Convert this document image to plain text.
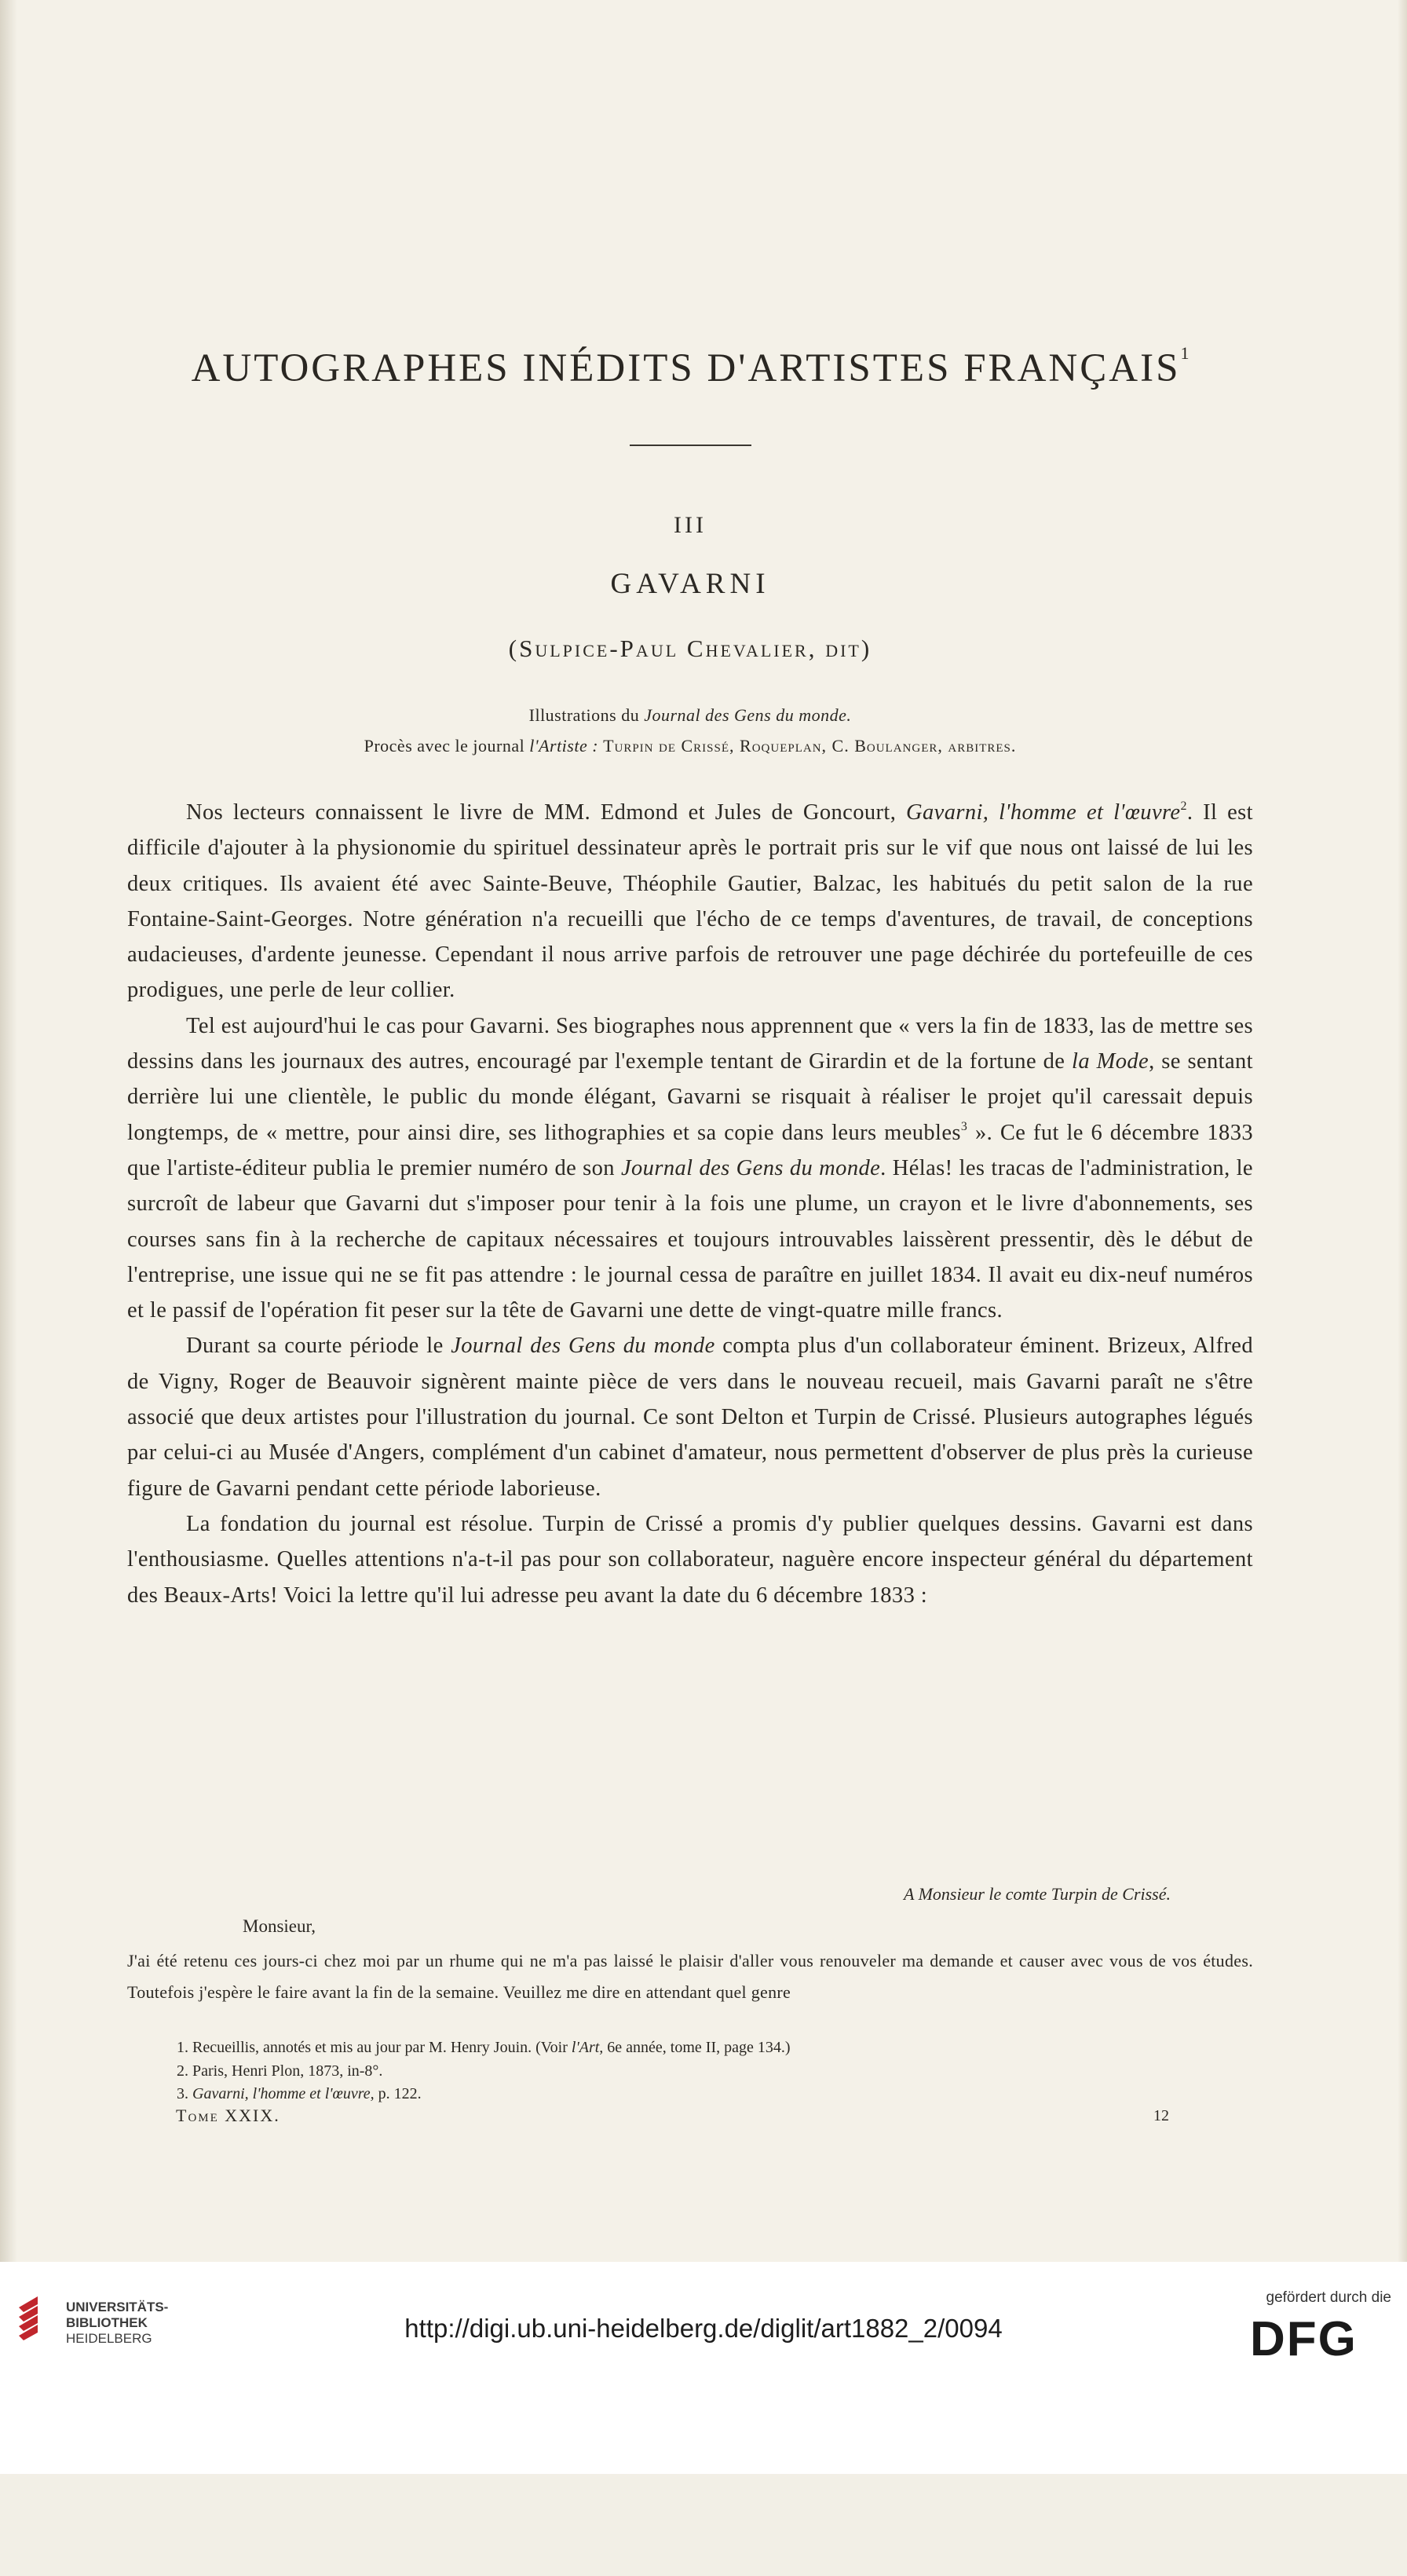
AUTOGRAPHES INÉDITS D'ARTISTES FRANÇAIS$^1$
III
GAVARNI
(Sulpice-Paul Chevalier, dit)
Illustrations du Journal des Gens du monde.
Procès avec le journal l'Artiste : Turpin de Crissé, Roqueplan, C. Boulanger, arbitres.

Nos lecteurs connaissent le livre de MM. Edmond et Jules de Goncourt, Gavarni, l'homme et l'œuvre$^2$. Il est difficile d'ajouter à la physionomie du spirituel dessinateur après le portrait pris sur le vif que nous ont laissé de lui les deux critiques. Ils avaient été avec Sainte-Beuve, Théophile Gautier, Balzac, les habitués du petit salon de la rue Fontaine-Saint-Georges. Notre génération n'a recueilli que l'écho de ce temps d'aventures, de travail, de conceptions audacieuses, d'ardente jeunesse. Cependant il nous arrive parfois de retrouver une page déchirée du portefeuille de ces prodigues, une perle de leur collier.

Tel est aujourd'hui le cas pour Gavarni. Ses biographes nous apprennent que « vers la fin de 1833, las de mettre ses dessins dans les journaux des autres, encouragé par l'exemple tentant de Girardin et de la fortune de la Mode, se sentant derrière lui une clientèle, le public du monde élégant, Gavarni se risquait à réaliser le projet qu'il caressait depuis longtemps, de « mettre, pour ainsi dire, ses lithographies et sa copie dans leurs meubles$^3$ ». Ce fut le 6 décembre 1833 que l'artiste-éditeur publia le premier numéro de son Journal des Gens du monde. Hélas! les tracas de l'administration, le surcroît de labeur que Gavarni dut s'imposer pour tenir à la fois une plume, un crayon et le livre d'abonnements, ses courses sans fin à la recherche de capitaux nécessaires et toujours introuvables laissèrent pressentir, dès le début de l'entreprise, une issue qui ne se fit pas attendre : le journal cessa de paraître en juillet 1834. Il avait eu dix-neuf numéros et le passif de l'opération fit peser sur la tête de Gavarni une dette de vingt-quatre mille francs.

Durant sa courte période le Journal des Gens du monde compta plus d'un collaborateur éminent. Brizeux, Alfred de Vigny, Roger de Beauvoir signèrent mainte pièce de vers dans le nouveau recueil, mais Gavarni paraît ne s'être associé que deux artistes pour l'illustration du journal. Ce sont Delton et Turpin de Crissé. Plusieurs autographes légués par celui-ci au Musée d'Angers, complément d'un cabinet d'amateur, nous permettent d'observer de plus près la curieuse figure de Gavarni pendant cette période laborieuse.

La fondation du journal est résolue. Turpin de Crissé a promis d'y publier quelques dessins. Gavarni est dans l'enthousiasme. Quelles attentions n'a-t-il pas pour son collaborateur, naguère encore inspecteur général du département des Beaux-Arts! Voici la lettre qu'il lui adresse peu avant la date du 6 décembre 1833 :

A Monsieur le comte Turpin de Crissé.
Monsieur,

J'ai été retenu ces jours-ci chez moi par un rhume qui ne m'a pas laissé le plaisir d'aller vous renouveler ma demande et causer avec vous de vos études. Toutefois j'espère le faire avant la fin de la semaine. Veuillez me dire en attendant quel genre

1. Recueillis, annotés et mis au jour par M. Henry Jouin. (Voir l'Art, 6e année, tome II, page 134.)
2. Paris, Henri Plon, 1873, in-8°.
3. Gavarni, l'homme et l'œuvre, p. 122.
Tome XXIX.	12
UNIVERSITÄTS-
BIBLIOTHEK
HEIDELBERG	http://digi.ub.uni-heidelberg.de/diglit/art1882_2/0094
gefördert durch die
DFG
